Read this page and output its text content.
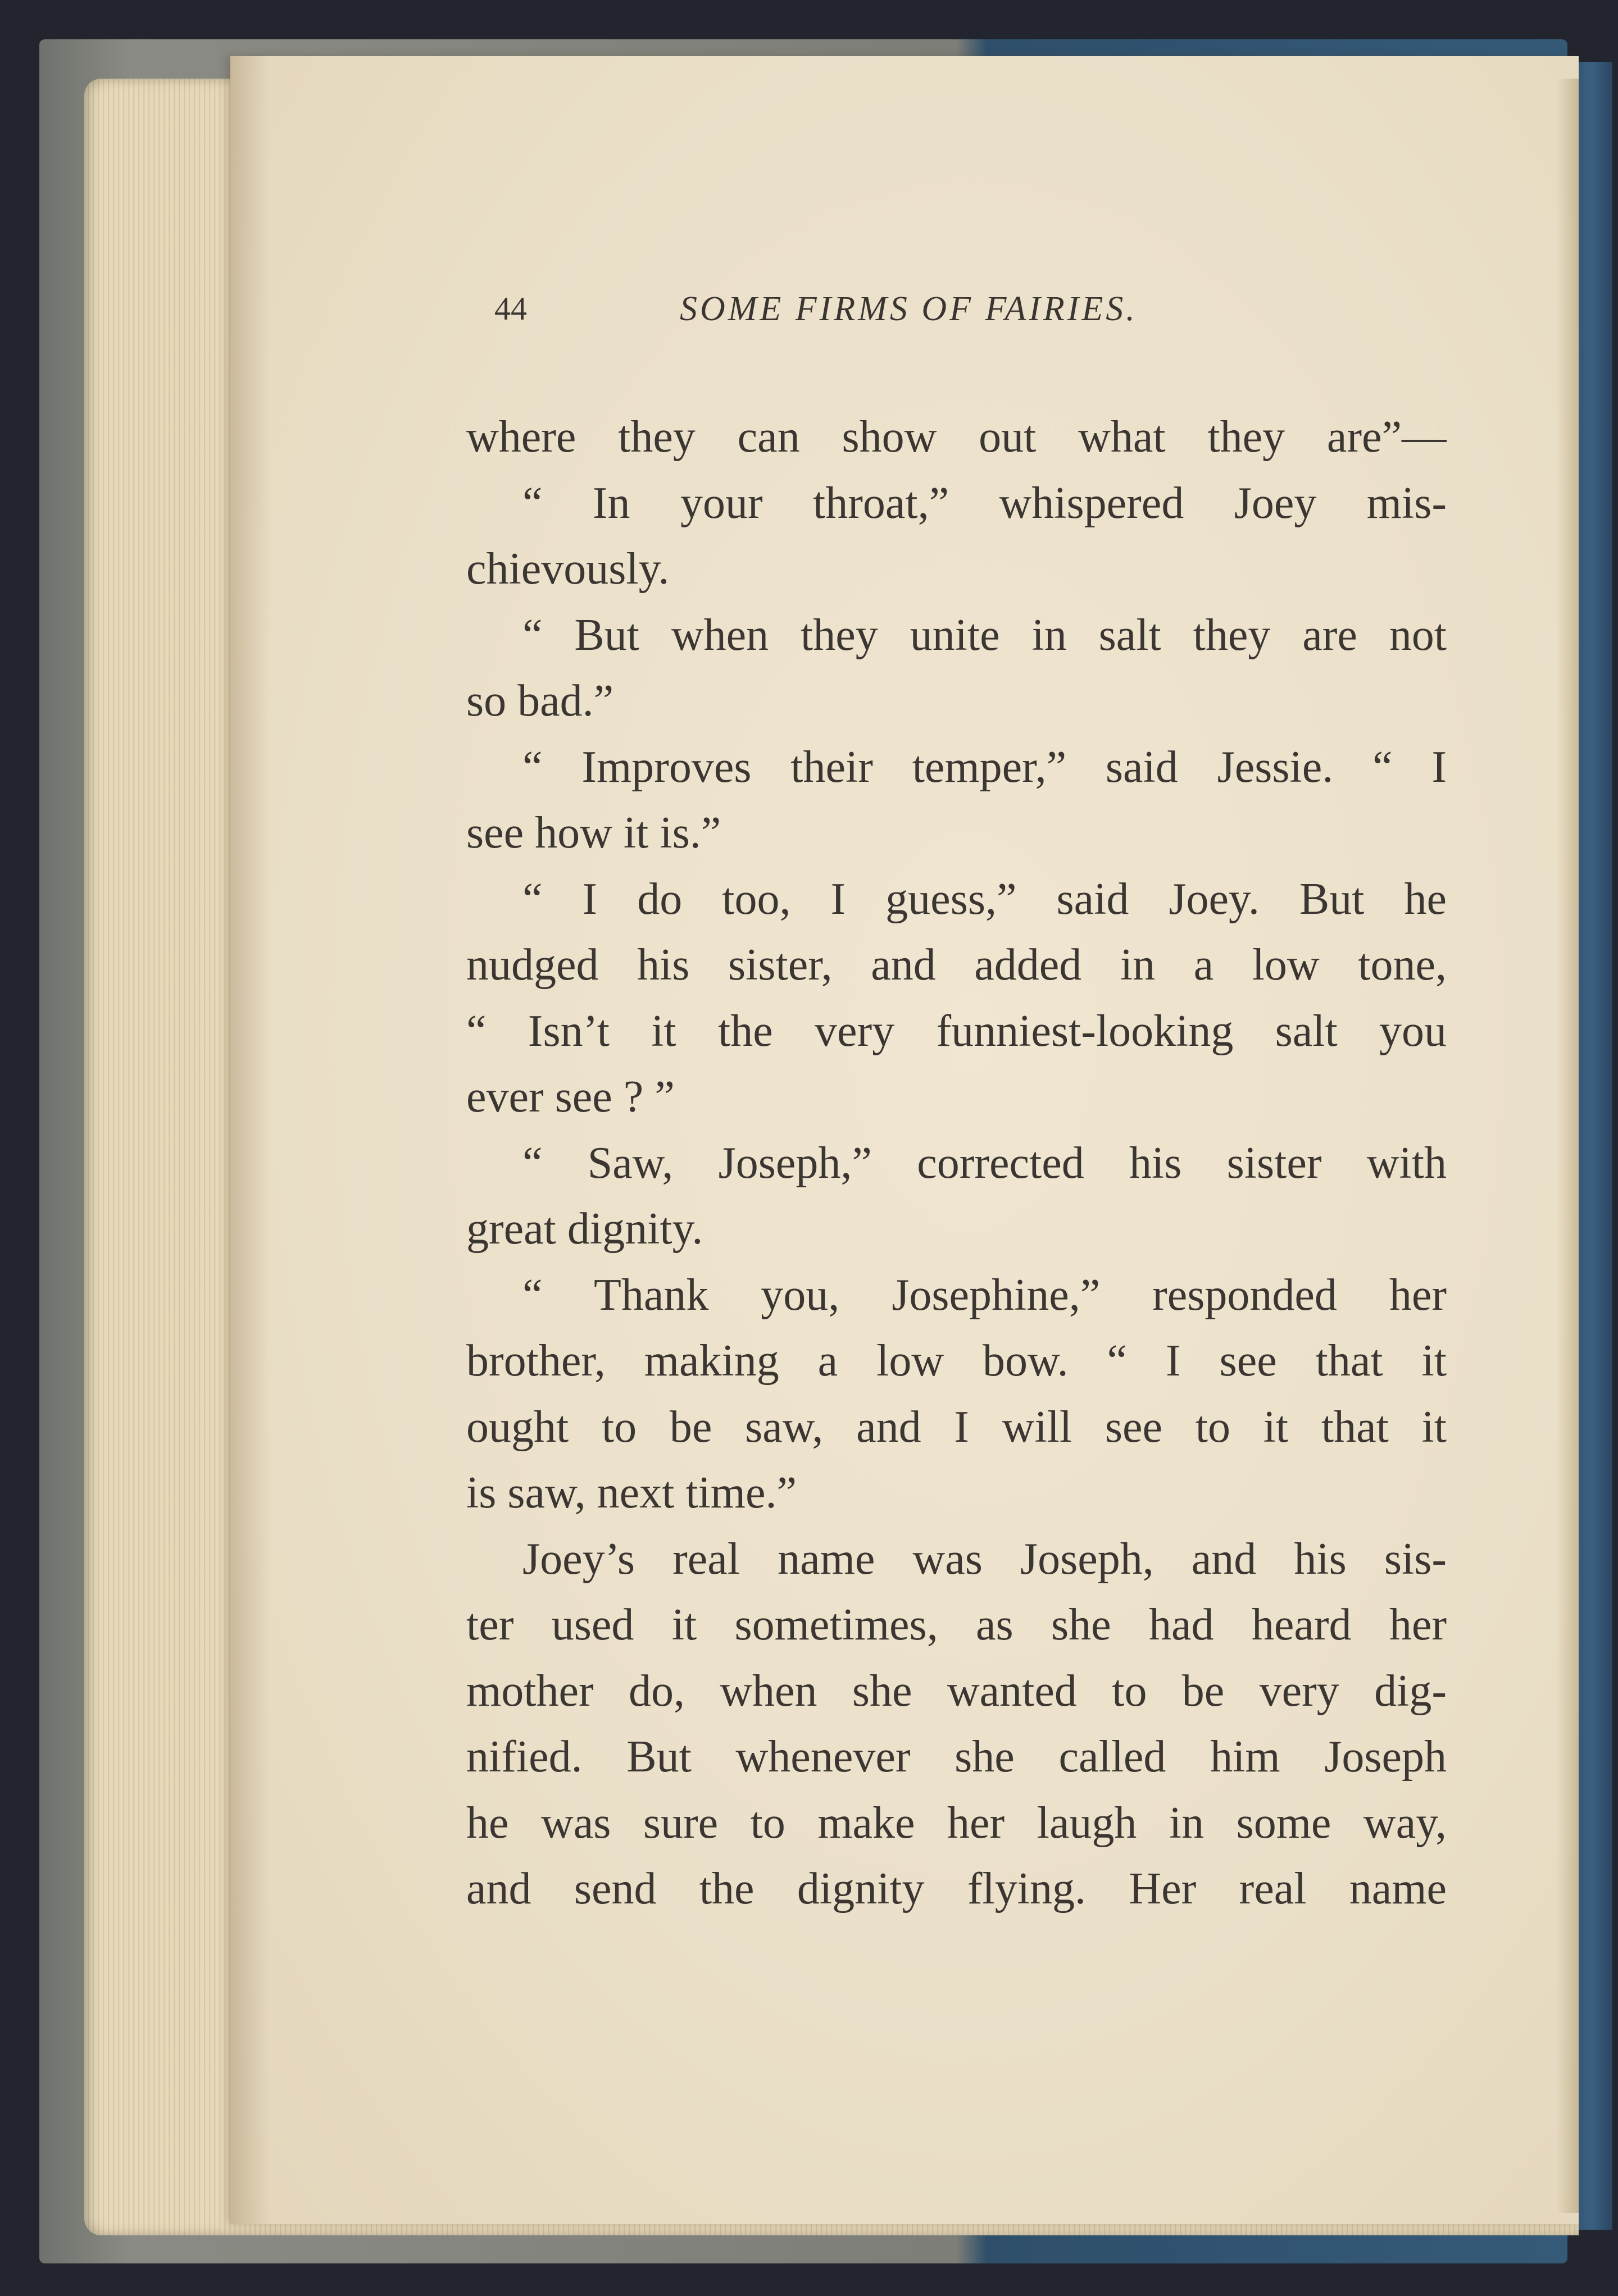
44	SOME FIRMS OF FAIRIES.
where they can show out what they are”—
“ In your throat,” whispered Joey mis-
chievously.
“ But when they unite in salt they are not
so bad.”
“ Improves their temper,” said Jessie. “ I
see how it is.”
“ I do too, I guess,” said Joey. But he
nudged his sister, and added in a low tone,
“ Isn’t it the very funniest-looking salt you
ever see ? ”
“ Saw, Joseph,” corrected his sister with
great dignity.
“ Thank you, Josephine,” responded her
brother, making a low bow. “ I see that it
ought to be saw, and I will see to it that it
is saw, next time.”
Joey’s real name was Joseph, and his sis-
ter used it sometimes, as she had heard her
mother do, when she wanted to be very dig-
nified. But whenever she called him Joseph
he was sure to make her laugh in some way,
and send the dignity flying. Her real name
